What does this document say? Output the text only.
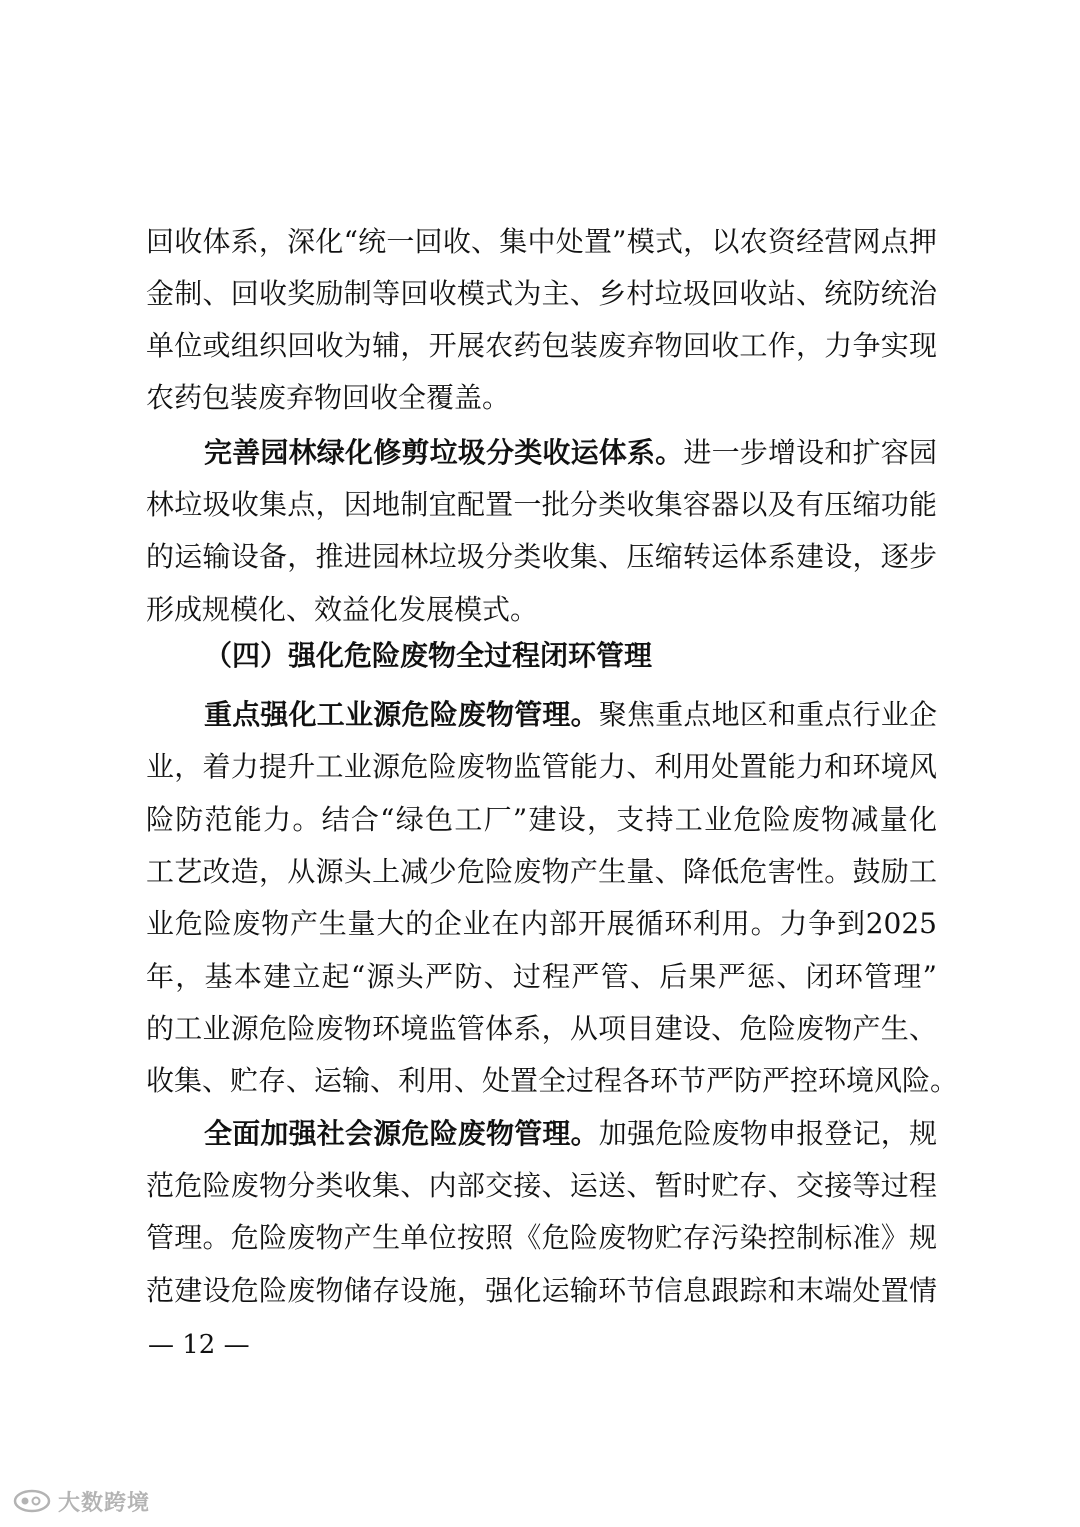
回收体系，深化“统一回收、集中处置”模式，以农资经营网点押
金制、回收奖励制等回收模式为主、乡村垃圾回收站、统防统治
单位或组织回收为辅，开展农药包装废弃物回收工作，力争实现
农药包装废弃物回收全覆盖。
完善园林绿化修剪垃圾分类收运体系。进一步增设和扩容园
林垃圾收集点，因地制宜配置一批分类收集容器以及有压缩功能
的运输设备，推进园林垃圾分类收集、压缩转运体系建设，逐步
形成规模化、效益化发展模式。
（四）强化危险废物全过程闭环管理
重点强化工业源危险废物管理。聚焦重点地区和重点行业企
业，着力提升工业源危险废物监管能力、利用处置能力和环境风
险防范能力。结合“绿色工厂”建设，支持工业危险废物减量化
工艺改造，从源头上减少危险废物产生量、降低危害性。鼓励工
业危险废物产生量大的企业在内部开展循环利用。力争到2025
年，基本建立起“源头严防、过程严管、后果严惩、闭环管理”
的工业源危险废物环境监管体系，从项目建设、危险废物产生、
收集、贮存、运输、利用、处置全过程各环节严防严控环境风险。
全面加强社会源危险废物管理。加强危险废物申报登记，规
范危险废物分类收集、内部交接、运送、暂时贮存、交接等过程
管理。危险废物产生单位按照《危险废物贮存污染控制标准》规
范建设危险废物储存设施，强化运输环节信息跟踪和末端处置情
— 12 —
大数跨境
